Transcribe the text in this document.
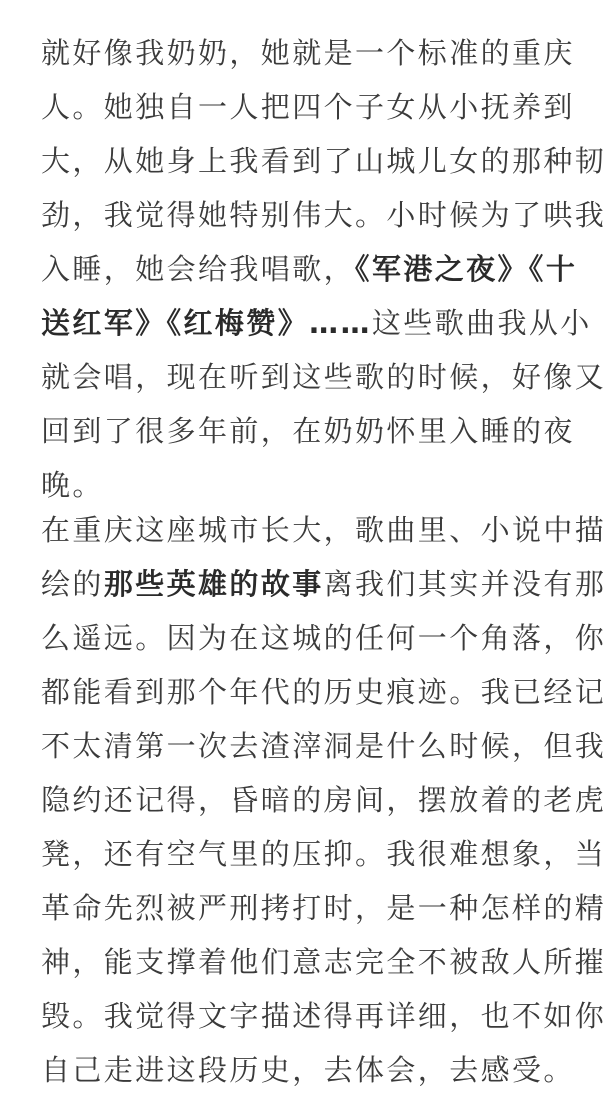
就好像我奶奶，她就是一个标准的重庆
人。她独自一人把四个子女从小抚养到
大，从她身上我看到了山城儿女的那种韧
劲，我觉得她特别伟大。小时候为了哄我
入睡，她会给我唱歌，《军港之夜》《十
送红军》《红梅赞》……这些歌曲我从小
就会唱，现在听到这些歌的时候，好像又
回到了很多年前，在奶奶怀里入睡的夜
晚。

在重庆这座城市长大，歌曲里、小说中描
绘的那些英雄的故事离我们其实并没有那
么遥远。因为在这城的任何一个角落，你
都能看到那个年代的历史痕迹。我已经记
不太清第一次去渣滓洞是什么时候，但我
隐约还记得，昏暗的房间，摆放着的老虎
凳，还有空气里的压抑。我很难想象，当
革命先烈被严刑拷打时，是一种怎样的精
神，能支撑着他们意志完全不被敌人所摧
毁。我觉得文字描述得再详细，也不如你
自己走进这段历史，去体会，去感受。
